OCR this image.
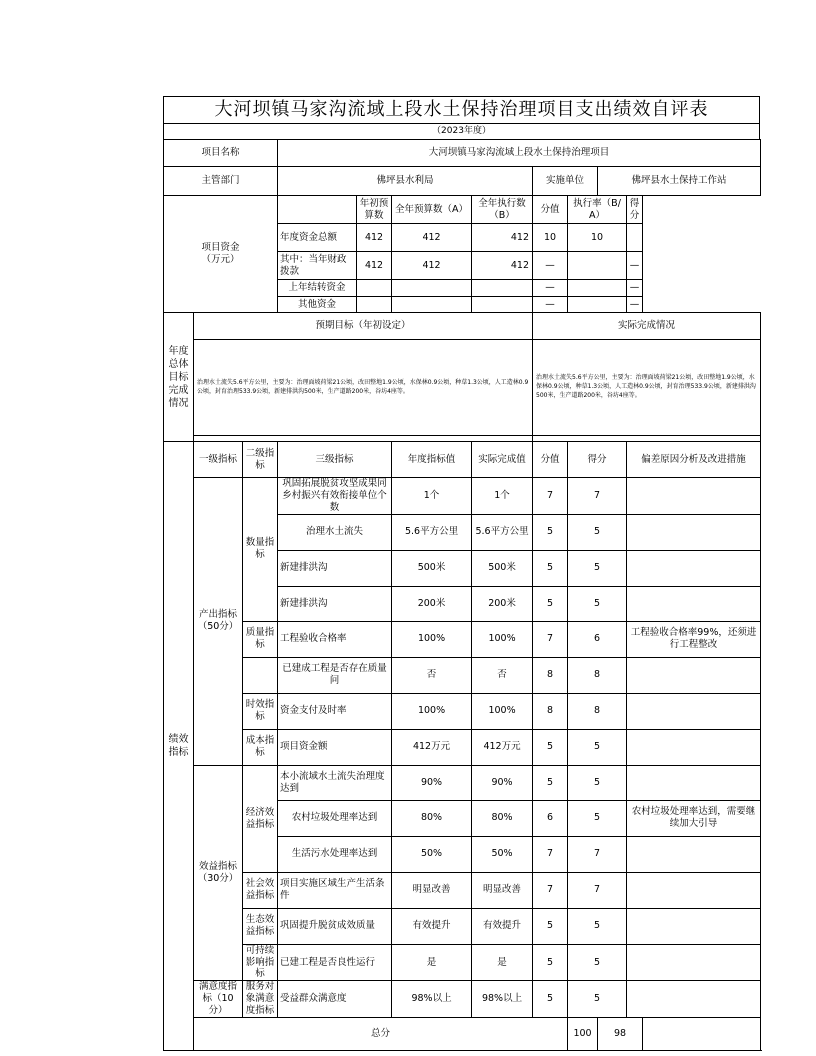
大河坝镇马家沟流域上段水土保持治理项目支出绩效自评表
（2023年度）
项目名称			大河坝镇马家沟流域上段水土保持治理项目								
主管部门			佛坪县水利局				实施单位		佛坪县水土保持工作站		

项目资金
（万元）				年初预算数	全年预算数（A）	全年执行数（B）	分值	执行率（B/A）		得分	
			年度资金总额	412	412	412	10	10			
			其中：当年财政拨款	412	412	412	—			—	
			上年结转资金				—			—	
			其他资金				—			—	
年度总体目标完成情况	预期目标（年初设定）						实际完成情况				
	治理水土流失5.6平方公里，主要为：治理面坡荷梁21公顷，改田整地1.9公顷，水保林0.9公顷，种草1.3公顷，人工造林0.9公顷，封育治理533.9公顷，新建排洪沟500米，生产道路200米，谷坊4座等。						治理水土流失5.6平方公里，主要为：治理面坡荷梁21公顷，改田整地1.9公顷，水保林0.9公顷，种草1.3公顷，人工造林0.9公顷，封育治理533.9公顷，新建排洪沟500米，生产道路200米，谷坊4座等。				

绩效指标	一级指标	二级指标	三级指标		年度指标值	实际完成值	分值	得分		偏差原因分析及改进措施	
	产出指标（50分）	数量指标	巩固拓展脱贫攻坚成果同乡村振兴有效衔接单位个数		1个	1个	7	7			
			治理水土流失		5.6平方公里	5.6平方公里	5	5			
			新建排洪沟		500米	500米	5	5			
			新建排洪沟		200米	200米	5	5			
		质量指标	工程验收合格率		100%	100%	7	6		工程验收合格率99%，还须进行工程整改	
			已建成工程是否存在质量问		否	否	8	8			
		时效指标	资金支付及时率		100%	100%	8	8			
		成本指标	项目资金额		412万元	412万元	5	5			
	效益指标（30分）	经济效益指标	本小流域水土流失治理度达到		90%	90%	5	5			
			农村垃圾处理率达到		80%	80%	6	5		农村垃圾处理率达到，需要继续加大引导	
			生活污水处理率达到		50%	50%	7	7			
		社会效益指标	项目实施区域生产生活条件		明显改善	明显改善	7	7			
		生态效益指标	巩固提升脱贫成效质量		有效提升	有效提升	5	5			
		可持续影响指标	已建工程是否良性运行		是	是	5	5			
	满意度指标（10分）	服务对象满意度指标	受益群众满意度		98%以上	98%以上	5	5			
	总分							100	98		
